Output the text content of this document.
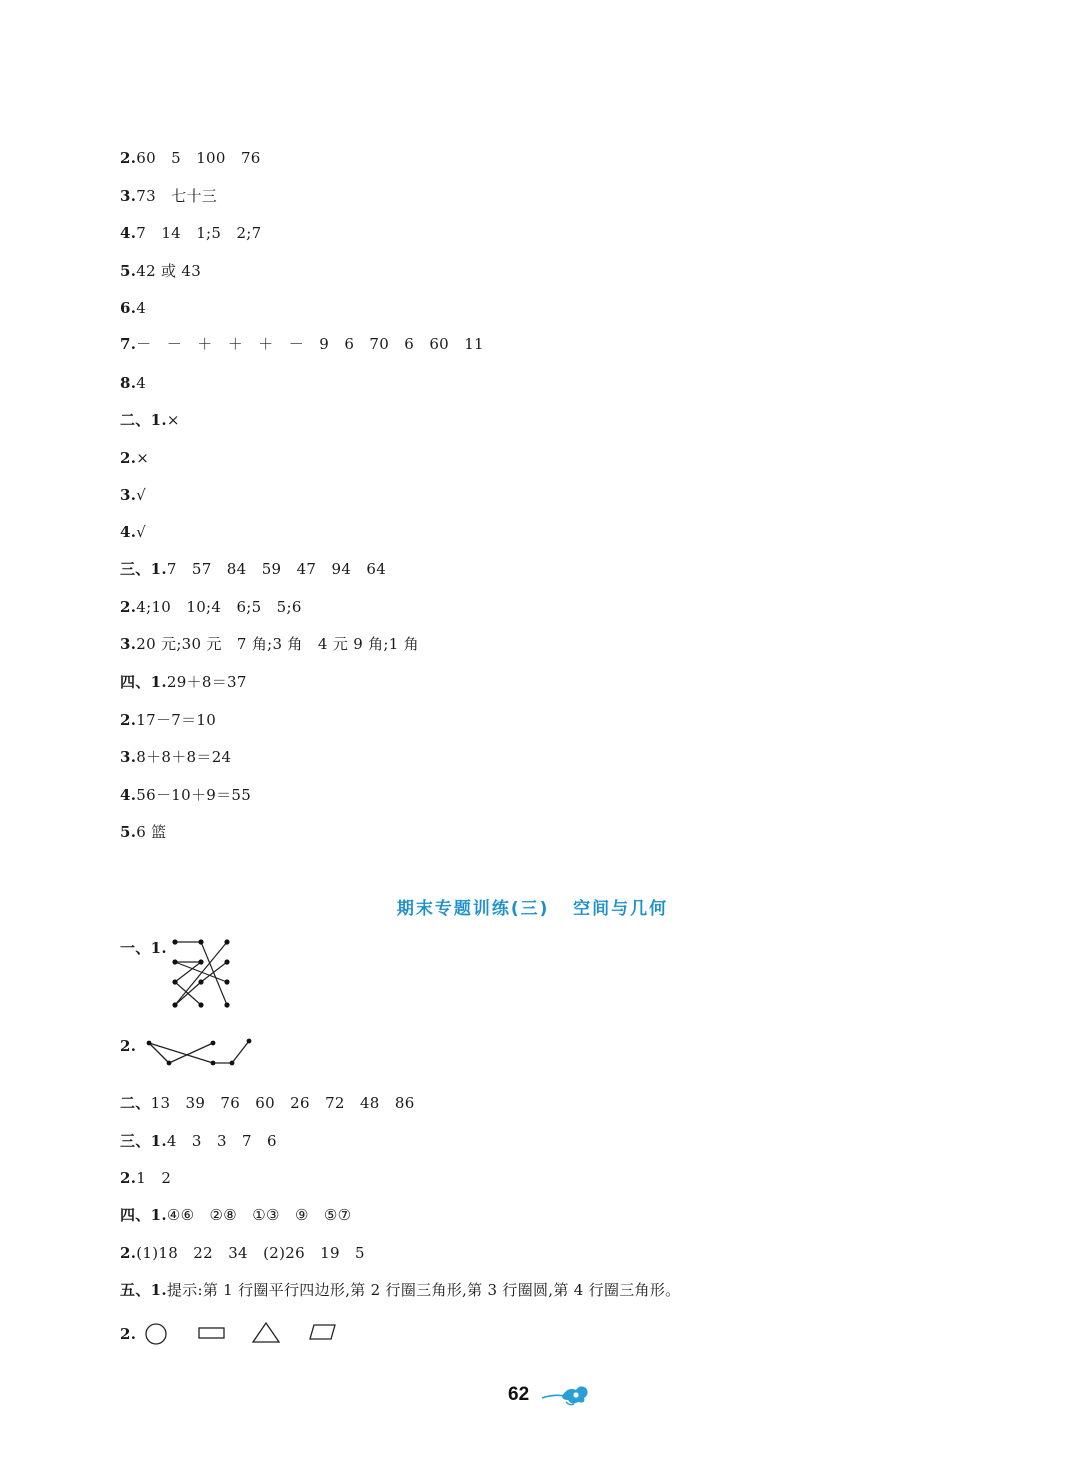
2.60   5   100   76
3.73   七十三
4.7   14   1;5   2;7
5.42 或 43
6.4
7.－   －   ＋   ＋   ＋   －   9   6   70   6   60   11
8.4
二、1.×
2.×
3.√
4.√
三、1.7   57   84   59   47   94   64
2.4;10   10;4   6;5   5;6
3.20 元;30 元   7 角;3 角   4 元 9 角;1 角
四、1.29＋8＝37
2.17－7＝10
3.8＋8＋8＝24
4.56－10＋9＝55
5.6 篮
期末专题训练(三)   空间与几何
一、1.
2.
二、13   39   76   60   26   72   48   86
三、1.4   3   3   7   6
2.1   2
四、1.④⑥   ②⑧   ①③   ⑨   ⑤⑦
2.(1)18   22   34   (2)26   19   5
五、1.提示:第 1 行圈平行四边形,第 2 行圈三角形,第 3 行圈圆,第 4 行圈三角形。
2.
62
